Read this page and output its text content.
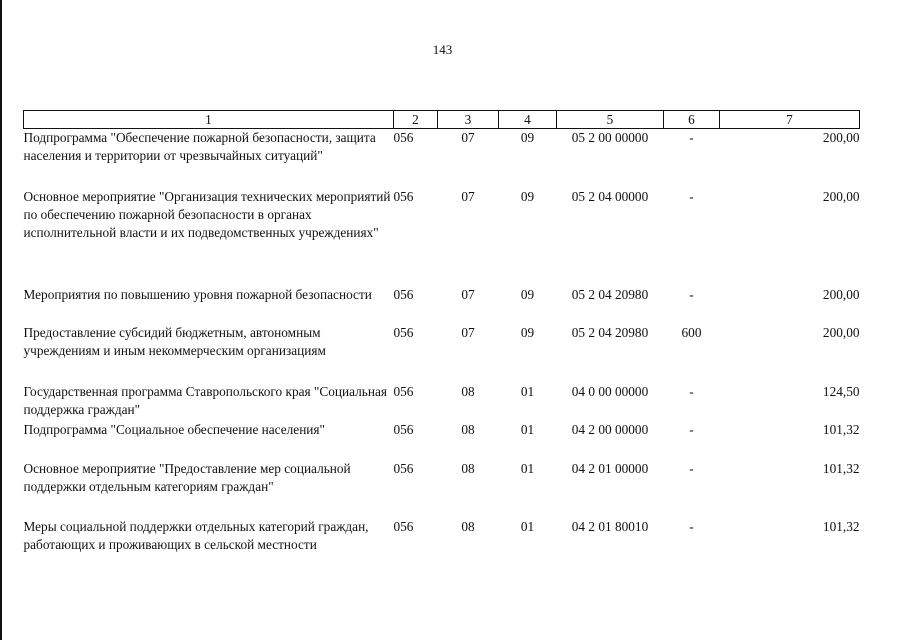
143
1	2	3	4	5	6	7
Подпрограмма "Обеспечение пожарной безопасности, защита населения и территории от чрезвычайных ситуаций"	056	07	09	05 2 00 00000	-	200,00
Основное мероприятие "Организация технических мероприятий по обеспечению пожарной безопасности в органах исполнительной власти и их подведомственных учреждениях"	056	07	09	05 2 04 00000	-	200,00
Мероприятия по повышению уровня пожарной безопасности	056	07	09	05 2 04 20980	-	200,00
Предоставление субсидий бюджетным, автономным учреждениям и иным некоммерческим организациям	056	07	09	05 2 04 20980	600	200,00
Государственная программа Ставропольского края "Социальная поддержка граждан"	056	08	01	04 0 00 00000	-	124,50
Подпрограмма "Социальное обеспечение населения"	056	08	01	04 2 00 00000	-	101,32
Основное мероприятие "Предоставление мер социальной поддержки отдельным категориям граждан"	056	08	01	04 2 01 00000	-	101,32
Меры социальной поддержки отдельных категорий граждан, работающих и проживающих в сельской местности	056	08	01	04 2 01 80010	-	101,32
